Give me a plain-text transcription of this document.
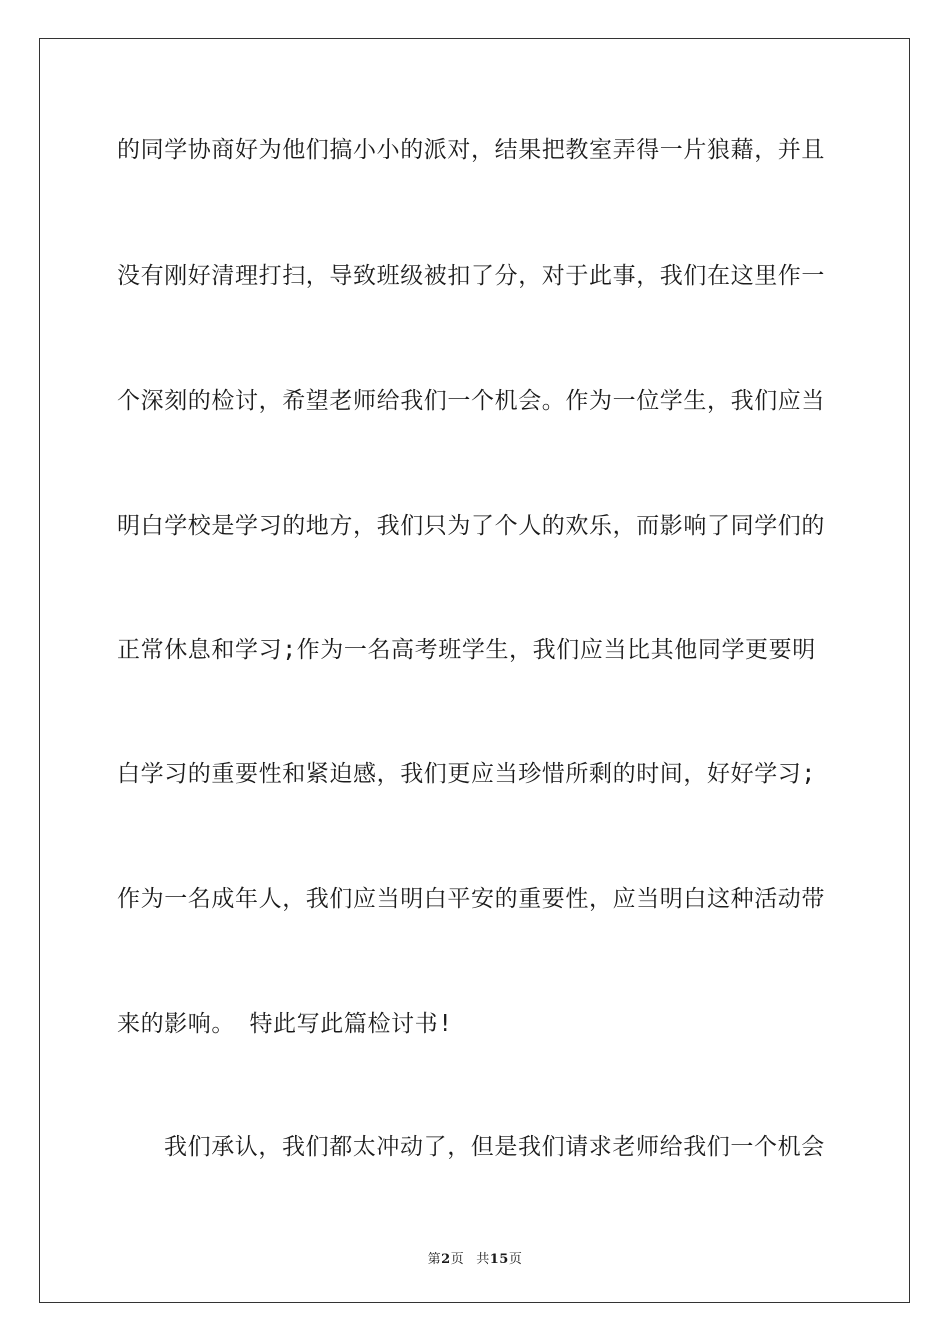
的同学协商好为他们搞小小的派对，结果把教室弄得一片狼藉，并且
没有刚好清理打扫，导致班级被扣了分，对于此事，我们在这里作一
个深刻的检讨，希望老师给我们一个机会。作为一位学生，我们应当
明白学校是学习的地方，我们只为了个人的欢乐，而影响了同学们的
正常休息和学习;作为一名高考班学生，我们应当比其他同学更要明
白学习的重要性和紧迫感，我们更应当珍惜所剩的时间，好好学习;
作为一名成年人，我们应当明白平安的重要性，应当明白这种活动带
来的影响。 特此写此篇检讨书!
我们承认，我们都太冲动了，但是我们请求老师给我们一个机会
第2页 共15页
